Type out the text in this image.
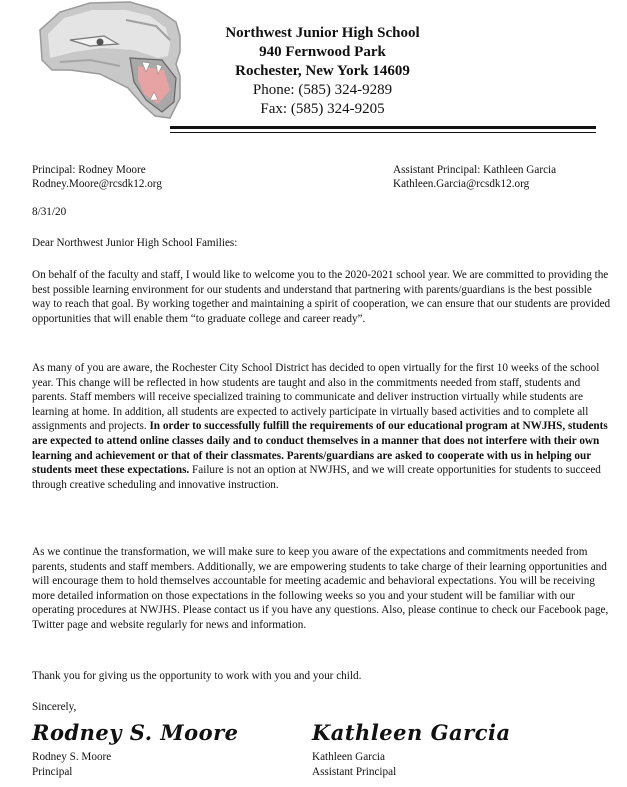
Northwest Junior High School
940 Fernwood Park
Rochester, New York 14609
Phone: (585) 324-9289
Fax: (585) 324-9205
Principal: Rodney Moore
Rodney.Moore@rcsdk12.org
Assistant Principal: Kathleen Garcia
Kathleen.Garcia@rcsdk12.org
8/31/20
Dear Northwest Junior High School Families:

On behalf of the faculty and staff, I would like to welcome you to the 2020-2021 school year. We are committed to providing the best possible learning environment for our students and understand that partnering with parents/guardians is the best possible way to reach that goal. By working together and maintaining a spirit of cooperation, we can ensure that our students are provided opportunities that will enable them “to graduate college and career ready”.

As many of you are aware, the Rochester City School District has decided to open virtually for the first 10 weeks of the school year. This change will be reflected in how students are taught and also in the commitments needed from staff, students and parents. Staff members will receive specialized training to communicate and deliver instruction virtually while students are learning at home. In addition, all students are expected to actively participate in virtually based activities and to complete all assignments and projects. In order to successfully fulfill the requirements of our educational program at NWJHS, students are expected to attend online classes daily and to conduct themselves in a manner that does not interfere with their own learning and achievement or that of their classmates. Parents/guardians are asked to cooperate with us in helping our students meet these expectations. Failure is not an option at NWJHS, and we will create opportunities for students to succeed through creative scheduling and innovative instruction.

As we continue the transformation, we will make sure to keep you aware of the expectations and commitments needed from parents, students and staff members. Additionally, we are empowering students to take charge of their learning opportunities and will encourage them to hold themselves accountable for meeting academic and behavioral expectations. You will be receiving more detailed information on those expectations in the following weeks so you and your student will be familiar with our operating procedures at NWJHS. Please contact us if you have any questions. Also, please continue to check our Facebook page, Twitter page and website regularly for news and information.

Thank you for giving us the opportunity to work with you and your child.

Sincerely,
Rodney S. Moore	Kathleen Garcia
Rodney S. Moore
Principal
Kathleen Garcia
Assistant Principal
